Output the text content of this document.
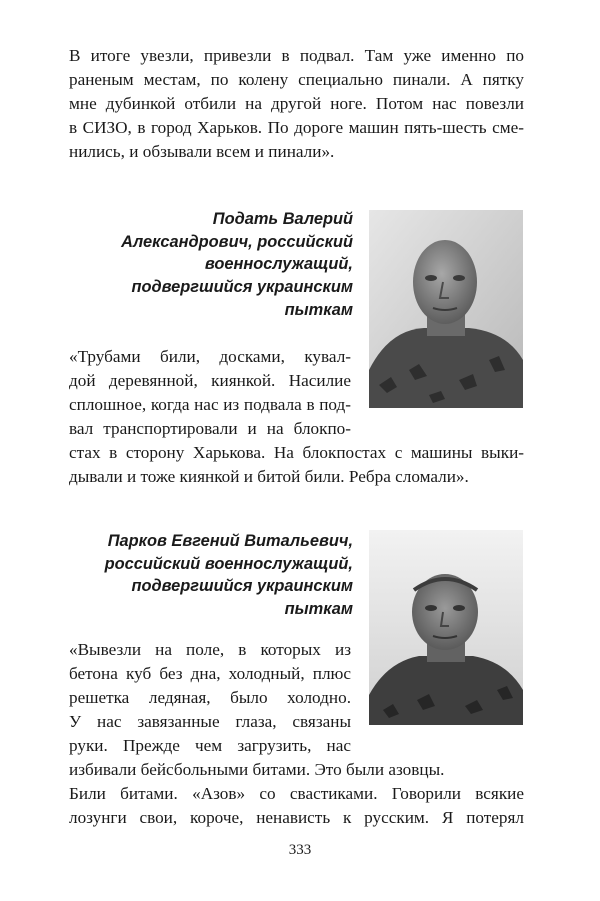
В итоге увезли, привезли в подвал. Там уже именно по
раненым местам, по колену специально пинали. А пятку
мне дубинкой отбили на другой ноге. Потом нас повезли
в СИЗО, в город Харьков. По дороге машин пять-шесть сме-
нились, и обзывали всем и пинали».
Подать Валерий
Александрович, российский
военнослужащий,
подвергшийся украинским
пыткам
«Трубами били, досками, кувал-
дой деревянной, киянкой. Насилие
сплошное, когда нас из подвала в под-
вал транспортировали и на блокпо-
стах в сторону Харькова. На блокпостах с машины выки-
дывали и тоже киянкой и битой били. Ребра сломали».
Парков Евгений Витальевич,
российский военнослужащий,
подвергшийся украинским
пыткам
«Вывезли на поле, в которых из
бетона куб без дна, холодный, плюс
решетка ледяная, было холодно.
У нас завязанные глаза, связаны
руки. Прежде чем загрузить, нас
избивали бейсбольными битами. Это были азовцы.
Били битами. «Азов» со свастиками. Говорили всякие
лозунги свои, короче, ненависть к русским. Я потерял
333
